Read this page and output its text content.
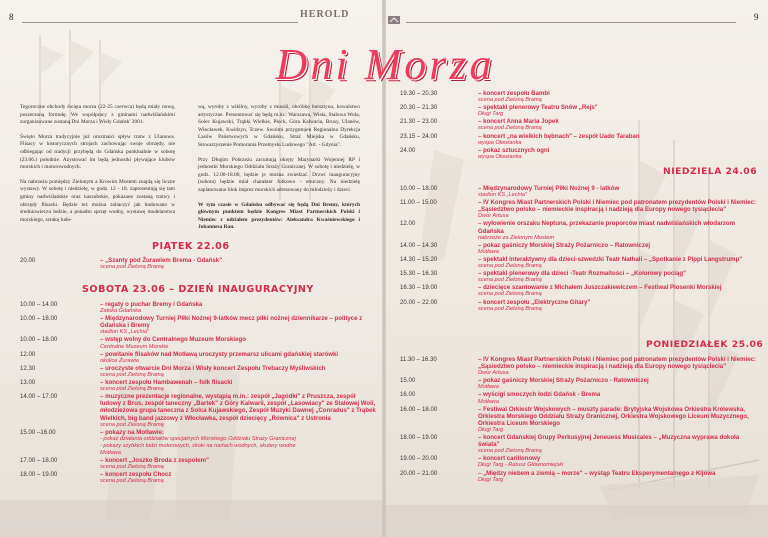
8	HEROLD

Tegoroczne obchody święta morza (22-25 czerwca) będą miały nową, poszerzoną formułę. We współpracy z gminami nadwiślańskimi zorganizowane zostaną Dni Morza i Wisły Gdańsk' 2001.

Święto Morza tradycyjnie już urozmaici spływ tratw z Ulanowa. Flisacy w historycznych strojach zachowując swoje obrzędy, nie odbiegając od tradycji przybędą do Gdańska punktualnie w sobotę (23.06.) południe. Azystować im będą jednostki pływające klubów morskich i motorowodnych.

Na nabrzeżu pomiędzy Zielonym a Krowim Mostem znajdą się liczne wystawy. W sobotę i niedzielę, w godz. 12 - 18. zaprezentują się tam gminy nadwiślańskie oraz kaszubskie, pokazane zostaną tratwy i obrzędy flisacki. Będzie też można zobaczyć jak budowano w średniowieczu łodzie, a ponadto sprzęt wodny, wystawę modelarstwa morskiego, sztukę ludo-

wą, wyroby z wikliny, wyroby z muszli, obróbkę bursztynu, kowalstwo artystyczne. Prezentować się będą m.in.: Warszawa, Wisła, Stalowa Wola, Solec Kujawski, Trąbki Wielkie, Płock, Góra Kalwaria, Brusy, Ulanów, Włocławek, Kwidzyn, Tczew. Swoimi przygotujen Regionalna Dyrekcja Lasów Państwowych w Gdańsku, Straż Miejska w Gdańsku, Stowarzyszenie Pomorania Przemysłu Ludowego "Art. - Gdynia".

Przy Długim Pobrzeżu zacumują okręty Marynarki Wojennej RP i jednostki Morskiego Oddziału Straży Granicznej. W sobotę i niedzielę, w godz. 12.00-18.00, będzie je można zwiedzać. Drzwi inauguracyjny (sobota) będzie miał charakter folkowo - etniczny. Na niedzielę zaplanowano blok imprez morskich adresowany do młodzieży i dzieci.

W tym czasie w Gdańsku odbywać się będą Dni Bremy, których głównym punktem będzie Kongres Miast Partnerskich Polski i Niemiec z udziałem prezydentów: Aleksandra Kwaśniewskiego i Johannesa Rau.

PIĄTEK 22.06
20.00	– „Szanty pod Żurawiem Brema - Gdańsk"
scena pod Zieloną Bramą
SOBOTA 23.06 – DZIEŃ INAUGURACYJNY
10.00 – 14.00	– regaty o puchar Bremy i Gdańska
Zatoka Gdańska
10.00 – 18.00	– Międzynarodowy Turniej Piłki Nożnej 9-latków mecz piłki nożnej dziennikarze – polityce z Gdańska i Bremy
stadion KS „Lechia"
10.00 – 18.00	– wstęp wolny do Centralnego Muzeum Morskiego
Centralne Muzeum Morskie
12.00	– powitanie flisaków nad Motławą uroczysty przemarsz ulicami gdańskiej starówki
okolice Żurawia
12.30	– uroczyste otwarcie Dni Morza i Wisły koncert Zespołu Trebaczy Myśliwskich
scena pod Zieloną Bramą
13.00	– koncert zespołu Hambawenah – folk flisacki
scena pod Zieloną Bramą
14.00 – 17.00	– muzyczne prezentacje regionalne, wystąpią m.in.: zespół „Jagódki" z Pruszcza, zespół ludowy z Brus, zespół taneczny „Bartek" z Góry Kalwarii, zespół „Lasowiacy" ze Stalowej Woli, młodzieżowa grupa taneczna z Solca Kujawskiego, Zespół Muzyki Dawnej „Conradus" z Trąbek Wielkich, big band jazzowy z Włocławka, zespół dziecięcy „Równica" z Ustronia
scena pod Zieloną Bramą
15.00 –16.00	– pokazy na Motławie:
- pokaz działania oddziałów specjalnych Morskiego Oddziału Straży Granicznej
- pokazy szybkich łodzi motorowych, skoki na nartach wodnych, skutery wodne
Motława
17.00 – 18.00	– koncert „Joszko Broda z zespołem"
scena pod Zieloną Bramą
18.00 – 19.00	– koncert zespołu Chocz
scena pod Zieloną Bramą
9
19.30 – 20.30	– koncert zespołu Bambi
scena pod Zieloną Bramą
20.30 – 21.30	– spektakl plenerowy Teatru Snów „Rejs"
Długi Targ
21.30 – 23.00	– koncert Anna Maria Jopek
scena pod Zieloną Bramą
23.15 – 24.00	– koncert „na wielkich bębnach" – zespół Uado Taraban
wyspa Ołowianka
24.00	– pokaz sztucznych ogni
wyspa Ołowianka
NIEDZIELA 24.06
10.00 – 18.00	– Międzynarodowy Turniej Piłki Nożnej 9 - latków
stadion KS „Lechia"
11.00 – 15.00	– IV Kongres Miast Partnerskich Polski i Niemiec pod patronatem prezydentów Polski i Niemiec: „Sąsiedztwo polsko – niemieckie inspiracją i nadzieją dla Europy nowego tysiąclecia"
Dwor Artusa
12.00	– wyłowienie orszaku Neptuna, przekazanie proporców miast nadwiślańskich włodarzom Gdańska
nabrzeże za Zielonym Mostem
14.00 – 14.30	– pokaz gaśniczy Morskiej Straży Pożarniczo – Ratowniczej
Motława
14.30 – 15.20	– spektakl interaktywny dla dzieci-szwedzki Teatr Nathali – „Spotkanie z Pippi Langstrump"
scena pod Zieloną Bramą
15.30 – 16.30	– spektakl plenerowy dla dzieci -Teatr Rozmaitości – „Kolorowy pociąg"
scena pod Zieloną Bramą
16.30 – 19.00	– dziecięce szantowanie z Michałem Juszczakiewiczem – Festiwal Piosenki Morskiej
scena pod Zieloną Bramą
20.00 – 22.00	– koncert zespołu „Elektryczne Gitary"
scena pod Zieloną Bramą
PONIEDZIAŁEK 25.06
11.30 – 16.30	– IV Kongres Miast Partnerskich Polski i Niemiec pod patronatem prezydentów Polski i Niemiec: „Sąsiedztwo polsko – niemieckie inspiracją i nadzieją dla Europy nowego tysiąclecia"
Dwor Artusa
15.00	– pokaz gaśniczy Morskiej Straży Pożarniczo - Ratowniczej
Motława
16.00	– wyścigi smoczych łodzi Gdańsk - Brema
Motława
16.00 – 18.00	– Festiwal Orkiestr Wojskowych – muszty parade: Brytyjska Wojskowa Orkiestra Królewska, Orkiestra Morskiego Oddziału Straży Granicznej, Orkiestra Wojskowego Liceum Muzycznego, Orkiestra Liceum Morskiego
Długi Targ
18.00 – 19.00	– koncert Gdańskiej Grupy Perkusyjnej Jeneuess Musicales – „Muzyczna wyprawa dokoła świata"
scena pod Zieloną Bramą
19.00 – 20.00	– koncert carillonowy
Długi Targ - Ratusz Głównomiejski
20.00 – 21.00	– „Między niebem a ziemią – morze" – wystąp Teatru Eksperymentalnego z Kijowa
Długi Targ
Dni Morza
